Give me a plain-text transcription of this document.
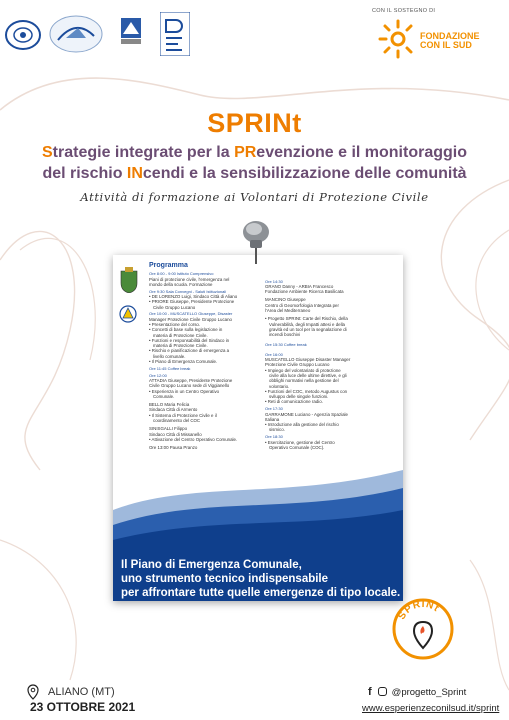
CON IL SOSTEGNO DI
FONDAZIONE
CON IL SUD
SPRINt
Strategie integrate per la PRevenzione e il monitoraggio
del rischio INcendi e la sensibilizzazione delle comunità
Attività di formazione ai Volontari di Protezione Civile
Programma
Ore 8:00 - 9:00 Istituto Comprensivo
Piani di protezione civile, l'emergenza nel
mondo della scuola. Formazione
Ore 9:30 Sala Convegni - Saluti Istituzionali
• DE LORENZO Luigi, Sindaco Città di Aliano
• PRIORE Giuseppe, Presidente Protezione
Civile Gruppo Lucano
Ore 10:00 - MUSCATELLO Giuseppe, Disaster
Manager Protezione Civile Gruppo Lucano
• Presentazione del corso.
• Concetti di base sulla legislazione in
materia di Protezione Civile.
• Funzioni e responsabilità del Sindaco in
materia di Protezione Civile.
• Rischio e pianificazione di emergenza a
livello comunale.
• Il Piano di Emergenza Comunale.
Ore 11:45 Coffee break
Ore 12:00
ATTADIA Giuseppe, Presidente Protezione
Civile Gruppo Lucano sede di Viggianello
• Esperienza in un Centro Operativo
Comunale.
BELLO Maria Felicia
Sindaca Città di Armento
• Il Sistema di Protezione Civile e il
coordinamento del COC
SINISGALLI Filippo
Sindaco Città di Missanello
• Attivazione del Centro Operativo Comunale.
Ore 13:00 Pausa Pranzo
Ore 14:30
GRANO Danny - ARBIA Francesco
Fondazione Ambiente Ricerca Basilicata
MANCINO Giuseppe
Centro di Geomorfologia Integrata per
l'Area del Mediterraneo
• Progetto SPRINt: Carte del Rischio, della
Vulnerabilità, degli Impatti attesi e della
gravità ed un tool per la segnalazione di
incendi boschivi
Ore 15:30 Coffee break
Ore 16:00
MUSCATELLO Giuseppe Disaster Manager
Protezione Civile Gruppo Lucano
• Impiego del volontariato di protezione
civile alla luce delle ultime direttive, e gli
obblighi normativi nella gestione del
volontario.
• Funzioni del COC, metodo Augustus con
sviluppo delle singole funzioni.
• Reti di comunicazione radio.
Ore 17:30
GARRAMONE Luciano - Agenzia Spaziale
Italiana
• Introduzione alla gestione del rischio
sismico.
Ore 18:30
• Esercitazione, gestione del Centro
Operativo Comunale (COC).
Il Piano di Emergenza Comunale,
uno strumento tecnico indispensabile
per affrontare tutte quelle emergenze di tipo locale.
SPRINt
ALIANO (MT)
23 OTTOBRE 2021
f @progetto_Sprint
www.esperienzeconilsud.it/sprint
